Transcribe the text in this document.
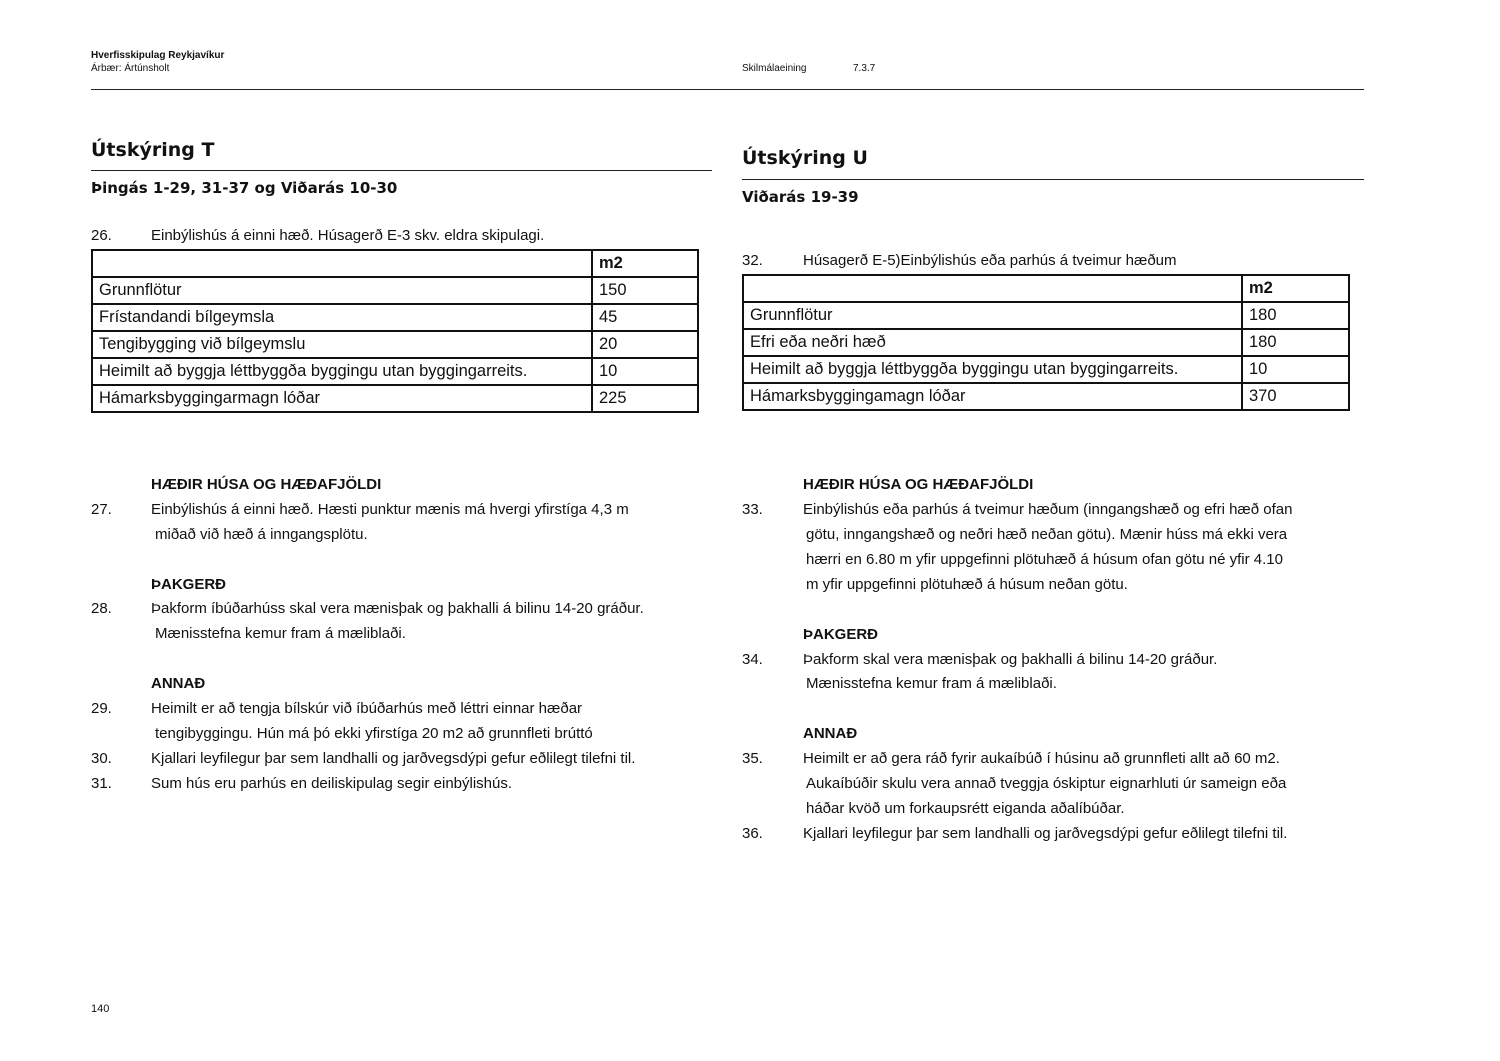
Hverfisskipulag Reykjavíkur
Árbær: Ártúnsholt	Skilmálaeining	7.3.7
Útskýring T
Þingás 1-29, 31-37 og Viðarás 10-30
26.	Einbýlishús á einni hæð. Húsagerð E-3 skv. eldra skipulagi.
	m2
Grunnflötur	150
Frístandandi bílgeymsla	45
Tengibygging við bílgeymslu	20
Heimilt að byggja léttbyggða byggingu utan byggingarreits.	10
Hámarksbyggingarmagn lóðar	225
HÆÐIR HÚSA OG HÆÐAFJÖLDI
27.	Einbýlishús á einni hæð. Hæsti punktur mænis má hvergi yfirstíga 4,3 m
miðað við hæð á inngangsplötu.
ÞAKGERÐ
28.	Þakform íbúðarhúss skal vera mænisþak og þakhalli á bilinu 14-20 gráður.
Mænisstefna kemur fram á mæliblaði.
ANNAÐ
29.	Heimilt er að tengja bílskúr við íbúðarhús með léttri einnar hæðar
tengibyggingu. Hún má þó ekki yfirstíga 20 m2 að grunnfleti brúttó
30.	Kjallari leyfilegur þar sem landhalli og jarðvegsdýpi gefur eðlilegt tilefni til.
31.	Sum hús eru parhús en deiliskipulag segir einbýlishús.
Útskýring U
Viðarás 19-39
32.	Húsagerð E-5)Einbýlishús eða parhús á tveimur hæðum
	m2
Grunnflötur	180
Efri eða neðri hæð	180
Heimilt að byggja léttbyggða byggingu utan byggingarreits.	10
Hámarksbyggingamagn lóðar	370
HÆÐIR HÚSA OG HÆÐAFJÖLDI
33.	Einbýlishús eða parhús á tveimur hæðum (inngangshæð og efri hæð ofan
götu, inngangshæð og neðri hæð neðan götu). Mænir húss má ekki vera
hærri en 6.80 m yfir uppgefinni plötuhæð á húsum ofan götu né yfir 4.10
m yfir uppgefinni plötuhæð á húsum neðan götu.
ÞAKGERÐ
34.	Þakform skal vera mænisþak og þakhalli á bilinu 14-20 gráður.
Mænisstefna kemur fram á mæliblaði.
ANNAÐ
35.	Heimilt er að gera ráð fyrir aukaíbúð í húsinu að grunnfleti allt að 60 m2.
Aukaíbúðir skulu vera annað tveggja óskiptur eignarhluti úr sameign eða
háðar kvöð um forkaupsrétt eiganda aðalíbúðar.
36.	Kjallari leyfilegur þar sem landhalli og jarðvegsdýpi gefur eðlilegt tilefni til.
140
